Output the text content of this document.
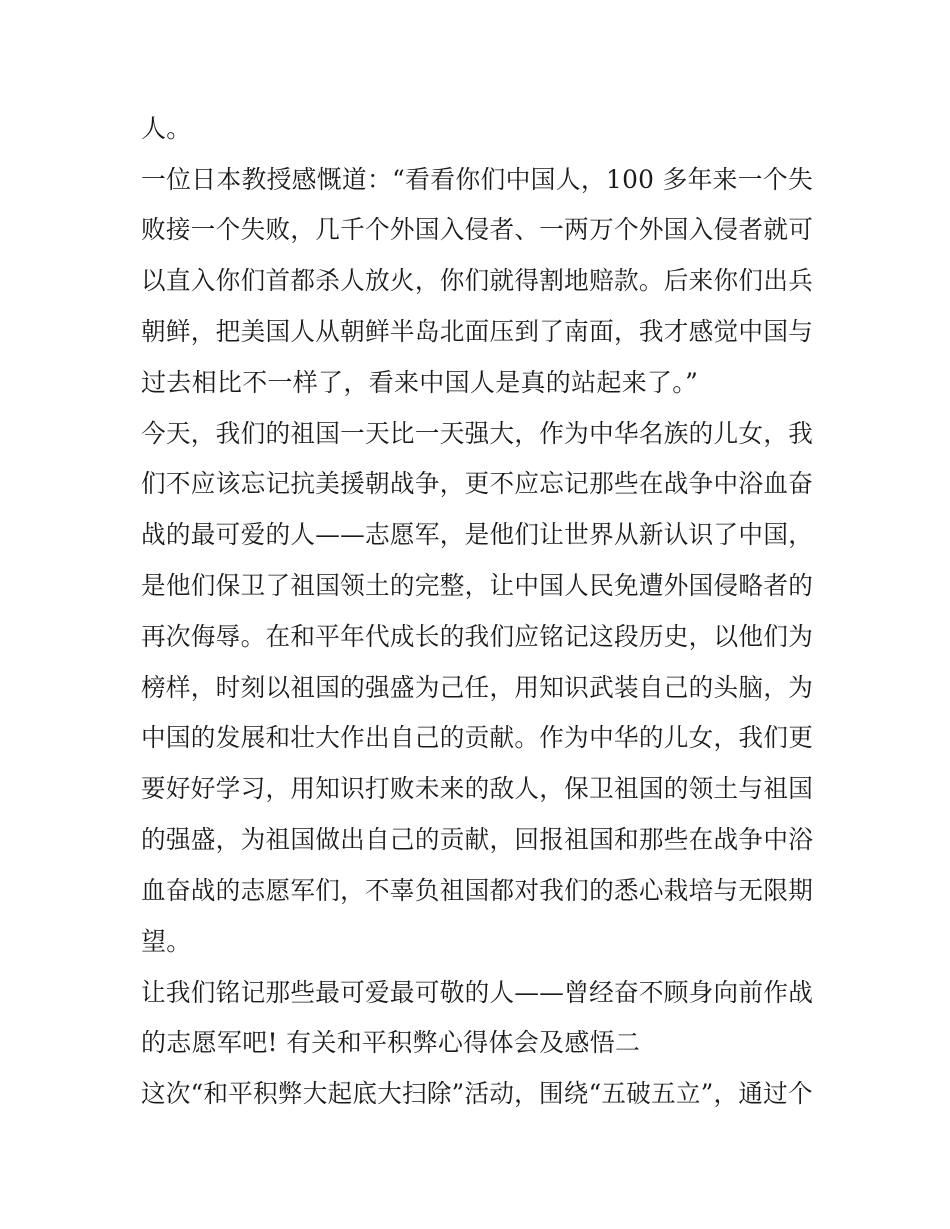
人。

一位日本教授感慨道：“看看你们中国人，100 多年来一个失

败接一个失败，几千个外国入侵者、一两万个外国入侵者就可

以直入你们首都杀人放火，你们就得割地赔款。后来你们出兵

朝鲜，把美国人从朝鲜半岛北面压到了南面，我才感觉中国与

过去相比不一样了，看来中国人是真的站起来了。”

今天，我们的祖国一天比一天强大，作为中华名族的儿女，我

们不应该忘记抗美援朝战争，更不应忘记那些在战争中浴血奋

战的最可爱的人——志愿军，是他们让世界从新认识了中国，

是他们保卫了祖国领土的完整，让中国人民免遭外国侵略者的

再次侮辱。在和平年代成长的我们应铭记这段历史，以他们为

榜样，时刻以祖国的强盛为己任，用知识武装自己的头脑，为

中国的发展和壮大作出自己的贡献。作为中华的儿女，我们更

要好好学习，用知识打败未来的敌人，保卫祖国的领土与祖国

的强盛，为祖国做出自己的贡献，回报祖国和那些在战争中浴

血奋战的志愿军们，不辜负祖国都对我们的悉心栽培与无限期

望。

让我们铭记那些最可爱最可敬的人——曾经奋不顾身向前作战

的志愿军吧! 有关和平积弊心得体会及感悟二

这次“和平积弊大起底大扫除”活动，围绕“五破五立”，通过个
